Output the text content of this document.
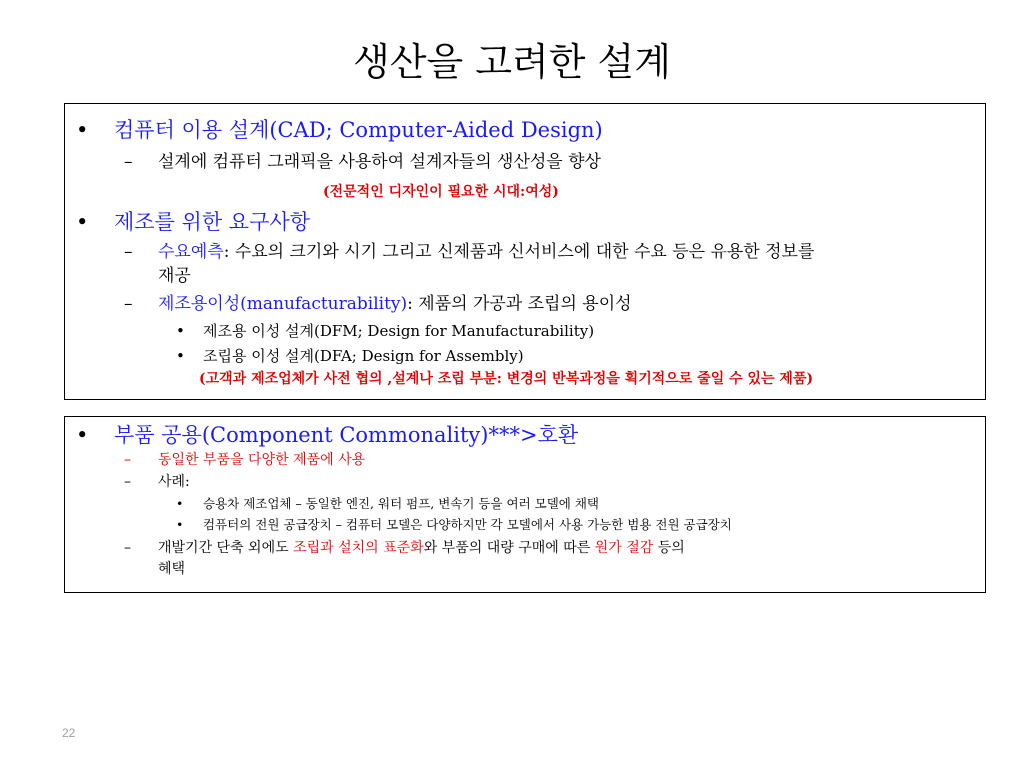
생산을 고려한 설계
• 컴퓨터 이용 설계(CAD; Computer-Aided Design)
– 설계에 컴퓨터 그래픽을 사용하여 설계자들의 생산성을 향상
(전문적인 디자인이 필요한 시대:여성)
• 제조를 위한 요구사항
– 수요예측: 수요의 크기와 시기 그리고 신제품과 신서비스에 대한 수요 등은 유용한 정보를
재공
– 제조용이성(manufacturability): 제품의 가공과 조립의 용이성
• 제조용 이성 설계(DFM; Design for Manufacturability)
• 조립용 이성 설계(DFA; Design for Assembly)
(고객과 제조업체가 사전 협의 ,설계나 조립 부분: 변경의 반복과정을 획기적으로 줄일 수 있는 제품)
• 부품 공용(Component Commonality)***>호환
– 동일한 부품을 다양한 제품에 사용
– 사례:
• 승용차 제조업체 – 동일한 엔진, 워터 펌프, 변속기 등을 여러 모델에 채택
• 컴퓨터의 전원 공급장치 – 컴퓨터 모델은 다양하지만 각 모델에서 사용 가능한 범용 전원 공급장치
– 개발기간 단축 외에도 조립과 설치의 표준화와 부품의 대량 구매에 따른 원가 절감 등의
혜택
22
